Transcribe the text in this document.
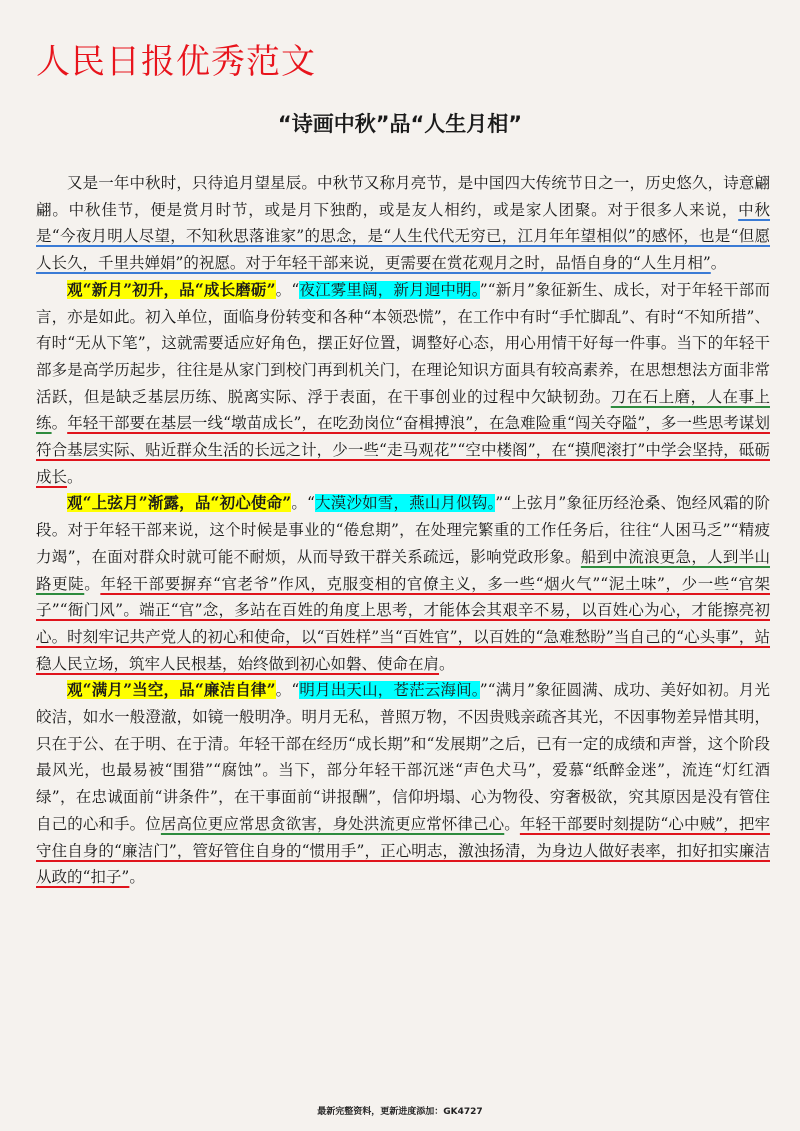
人民日报优秀范文
“诗画中秋”品“人生月相”

又是一年中秋时，只待追月望星辰。中秋节又称月亮节，是中国四大传统节日之一，历史悠久，诗意翩翩。中秋佳节，便是赏月时节，或是月下独酌，或是友人相约，或是家人团聚。对于很多人来说，中秋是“今夜月明人尽望，不知秋思落谁家”的思念，是“人生代代无穷已，江月年年望相似”的感怀，也是“但愿人长久，千里共婵娟”的祝愿。对于年轻干部来说，更需要在赏花观月之时，品悟自身的“人生月相”。

观“新月”初升，品“成长磨砺”。“夜江雾里阔，新月迥中明。”“新月”象征新生、成长，对于年轻干部而言，亦是如此。初入单位，面临身份转变和各种“本领恐慌”，在工作中有时“手忙脚乱”、有时“不知所措”、有时“无从下笔”，这就需要适应好角色，摆正好位置，调整好心态，用心用情干好每一件事。当下的年轻干部多是高学历起步，往往是从家门到校门再到机关门，在理论知识方面具有较高素养，在思想想法方面非常活跃，但是缺乏基层历练、脱离实际、浮于表面，在干事创业的过程中欠缺韧劲。刀在石上磨，人在事上练。年轻干部要在基层一线“墩苗成长”，在吃劲岗位“奋楫搏浪”，在急难险重“闯关夺隘”，多一些思考谋划符合基层实际、贴近群众生活的长远之计，少一些“走马观花”“空中楼阁”，在“摸爬滚打”中学会坚持，砥砺成长。

观“上弦月”渐露，品“初心使命”。“大漠沙如雪，燕山月似钩。”“上弦月”象征历经沧桑、饱经风霜的阶段。对于年轻干部来说，这个时候是事业的“倦怠期”，在处理完繁重的工作任务后，往往“人困马乏”“精疲力竭”，在面对群众时就可能不耐烦，从而导致干群关系疏远，影响党政形象。船到中流浪更急，人到半山路更陡。年轻干部要摒弃“官老爷”作风，克服变相的官僚主义，多一些“烟火气”“泥土味”，少一些“官架子”“衙门风”。端正“官”念，多站在百姓的角度上思考，才能体会其艰辛不易，以百姓心为心，才能擦亮初心。时刻牢记共产党人的初心和使命，以“百姓样”当“百姓官”，以百姓的“急难愁盼”当自己的“心头事”，站稳人民立场，筑牢人民根基，始终做到初心如磐、使命在肩。

观“满月”当空，品“廉洁自律”。“明月出天山，苍茫云海间。”“满月”象征圆满、成功、美好如初。月光皎洁，如水一般澄澈，如镜一般明净。明月无私，普照万物，不因贵贱亲疏吝其光，不因事物差异惜其明，只在于公、在于明、在于清。年轻干部在经历“成长期”和“发展期”之后，已有一定的成绩和声誉，这个阶段最风光，也最易被“围猎”“腐蚀”。当下，部分年轻干部沉迷“声色犬马”，爱慕“纸醉金迷”，流连“灯红酒绿”，在忠诚面前“讲条件”，在干事面前“讲报酬”，信仰坍塌、心为物役、穷奢极欲，究其原因是没有管住自己的心和手。位居高位更应常思贪欲害，身处洪流更应常怀律己心。年轻干部要时刻提防“心中贼”，把牢守住自身的“廉洁门”，管好管住自身的“惯用手”，正心明志，激浊扬清，为身边人做好表率，扣好扣实廉洁从政的“扣子”。

最新完整资料，更新进度添加：GK4727
